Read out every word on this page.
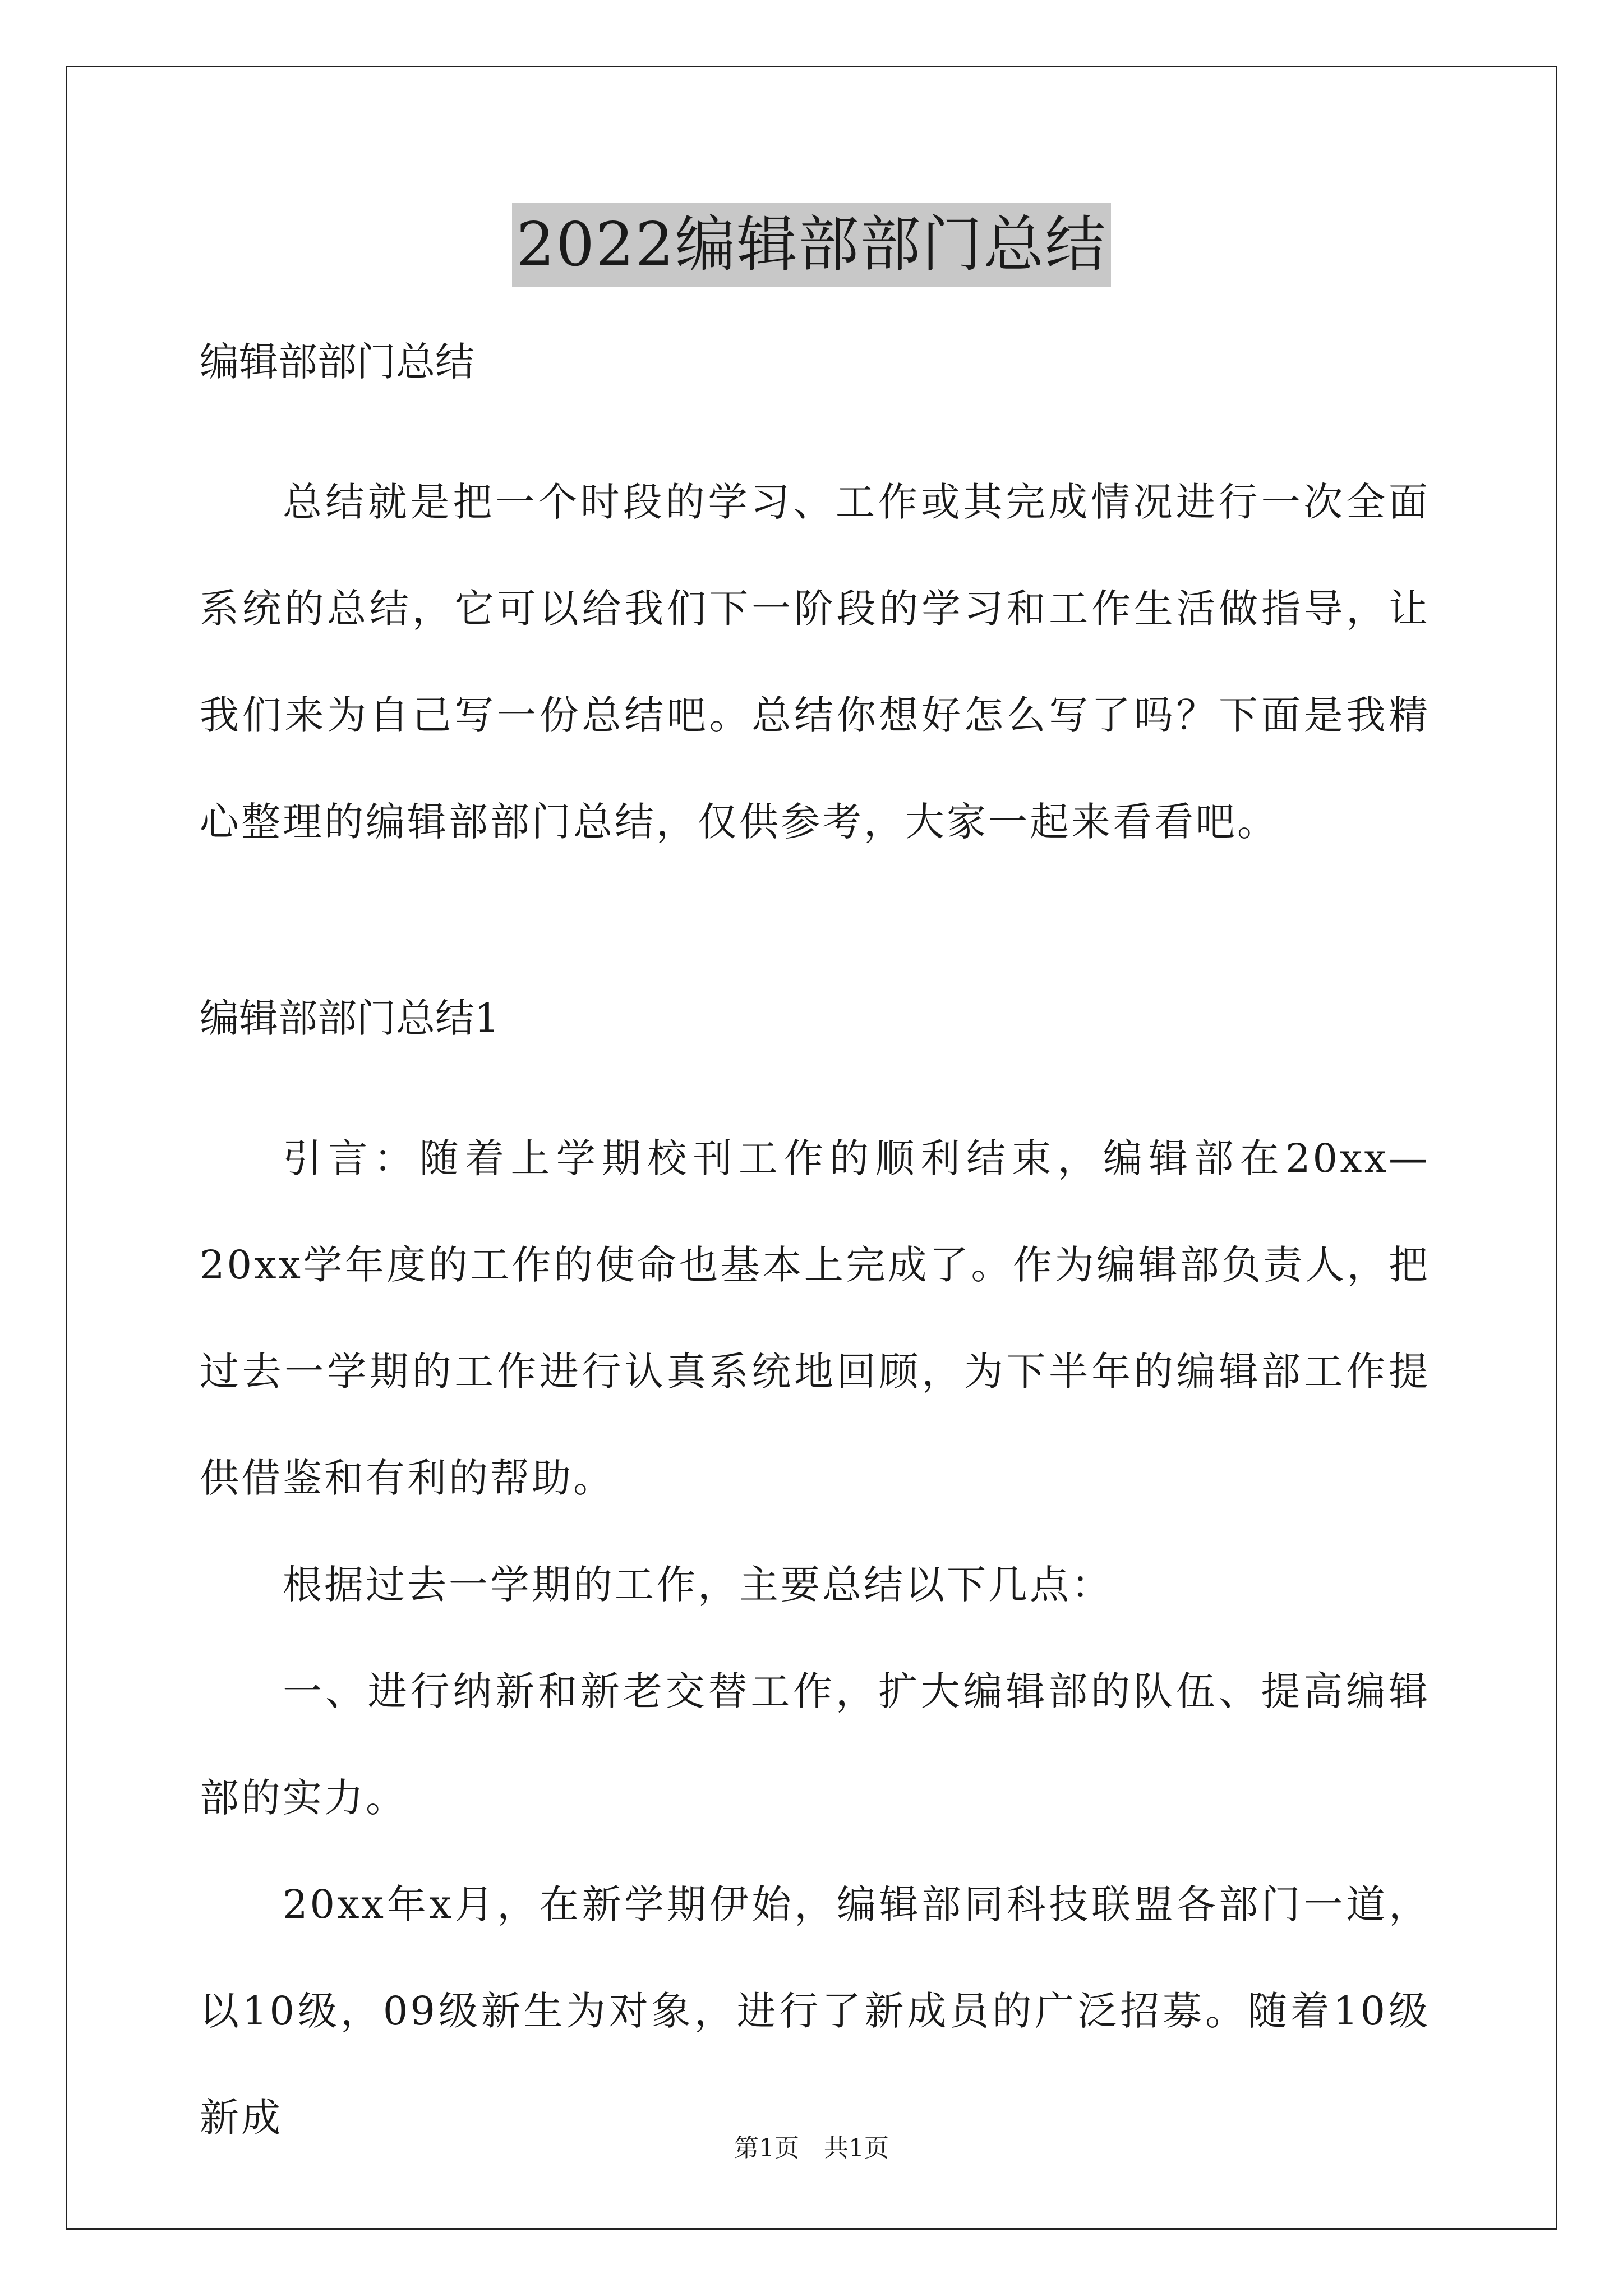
2022编辑部部门总结

编辑部部门总结

总结就是把一个时段的学习、工作或其完成情况进行一次全面系统的总结，它可以给我们下一阶段的学习和工作生活做指导，让我们来为自己写一份总结吧。总结你想好怎么写了吗？下面是我精心整理的编辑部部门总结，仅供参考，大家一起来看看吧。

编辑部部门总结1

引言：随着上学期校刊工作的顺利结束，编辑部在20xx—20xx学年度的工作的使命也基本上完成了。作为编辑部负责人，把过去一学期的工作进行认真系统地回顾，为下半年的编辑部工作提供借鉴和有利的帮助。

根据过去一学期的工作，主要总结以下几点：

一、进行纳新和新老交替工作，扩大编辑部的队伍、提高编辑部的实力。

20xx年x月，在新学期伊始，编辑部同科技联盟各部门一道，以10级，09级新生为对象，进行了新成员的广泛招募。随着10级新成

第1页　共1页
